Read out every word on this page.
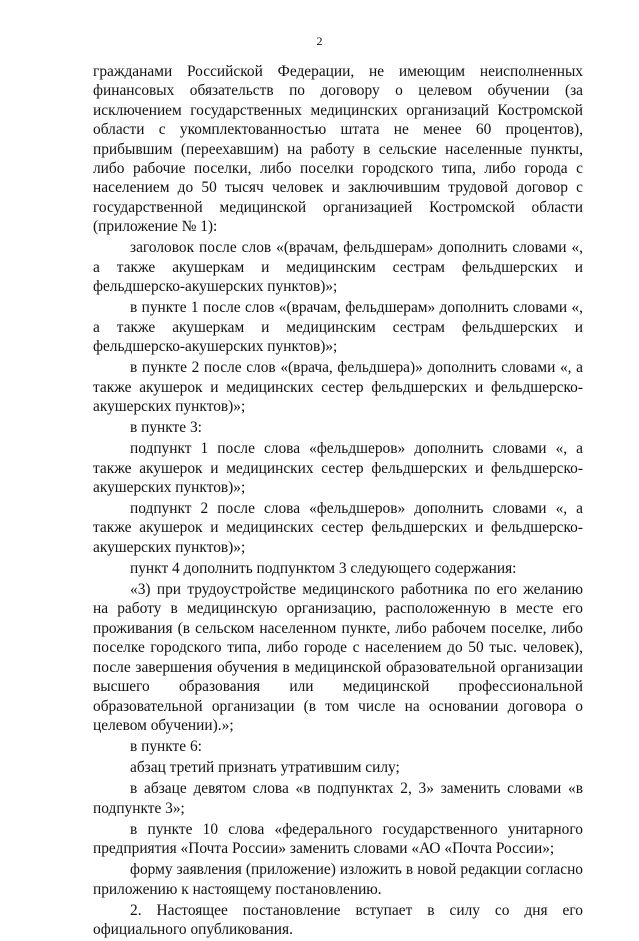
2

гражданами Российской Федерации, не имеющим неисполненных финансовых обязательств по договору о целевом обучении (за исключением государственных медицинских организаций Костромской области с укомплектованностью штата не менее 60 процентов), прибывшим (переехавшим) на работу в сельские населенные пункты, либо рабочие поселки, либо поселки городского типа, либо города с населением до 50 тысяч человек и заключившим трудовой договор с государственной медицинской организацией Костромской области (приложение № 1):

заголовок после слов «(врачам, фельдшерам» дополнить словами «, а также акушеркам и медицинским сестрам фельдшерских и фельдшерско-акушерских пунктов)»;

в пункте 1 после слов «(врачам, фельдшерам» дополнить словами «, а также акушеркам и медицинским сестрам фельдшерских и фельдшерско-акушерских пунктов)»;

в пункте 2 после слов «(врача, фельдшера)» дополнить словами «, а также акушерок и медицинских сестер фельдшерских и фельдшерско-акушерских пунктов)»;

в пункте 3:

подпункт 1 после слова «фельдшеров» дополнить словами «, а также акушерок и медицинских сестер фельдшерских и фельдшерско-акушерских пунктов)»;

подпункт 2 после слова «фельдшеров» дополнить словами «, а также акушерок и медицинских сестер фельдшерских и фельдшерско-акушерских пунктов)»;

пункт 4 дополнить подпунктом 3 следующего содержания:

«3) при трудоустройстве медицинского работника по его желанию на работу в медицинскую организацию, расположенную в месте его проживания (в сельском населенном пункте, либо рабочем поселке, либо поселке городского типа, либо городе с населением до 50 тыс. человек), после завершения обучения в медицинской образовательной организации высшего образования или медицинской профессиональной образовательной организации (в том числе на основании договора о целевом обучении).»;

в пункте 6:

абзац третий признать утратившим силу;

в абзаце девятом слова «в подпунктах 2, 3» заменить словами «в подпункте 3»;

в пункте 10 слова «федерального государственного унитарного предприятия «Почта России» заменить словами «АО «Почта России»;

форму заявления (приложение) изложить в новой редакции согласно приложению к настоящему постановлению.

2. Настоящее постановление вступает в силу со дня его официального опубликования.
